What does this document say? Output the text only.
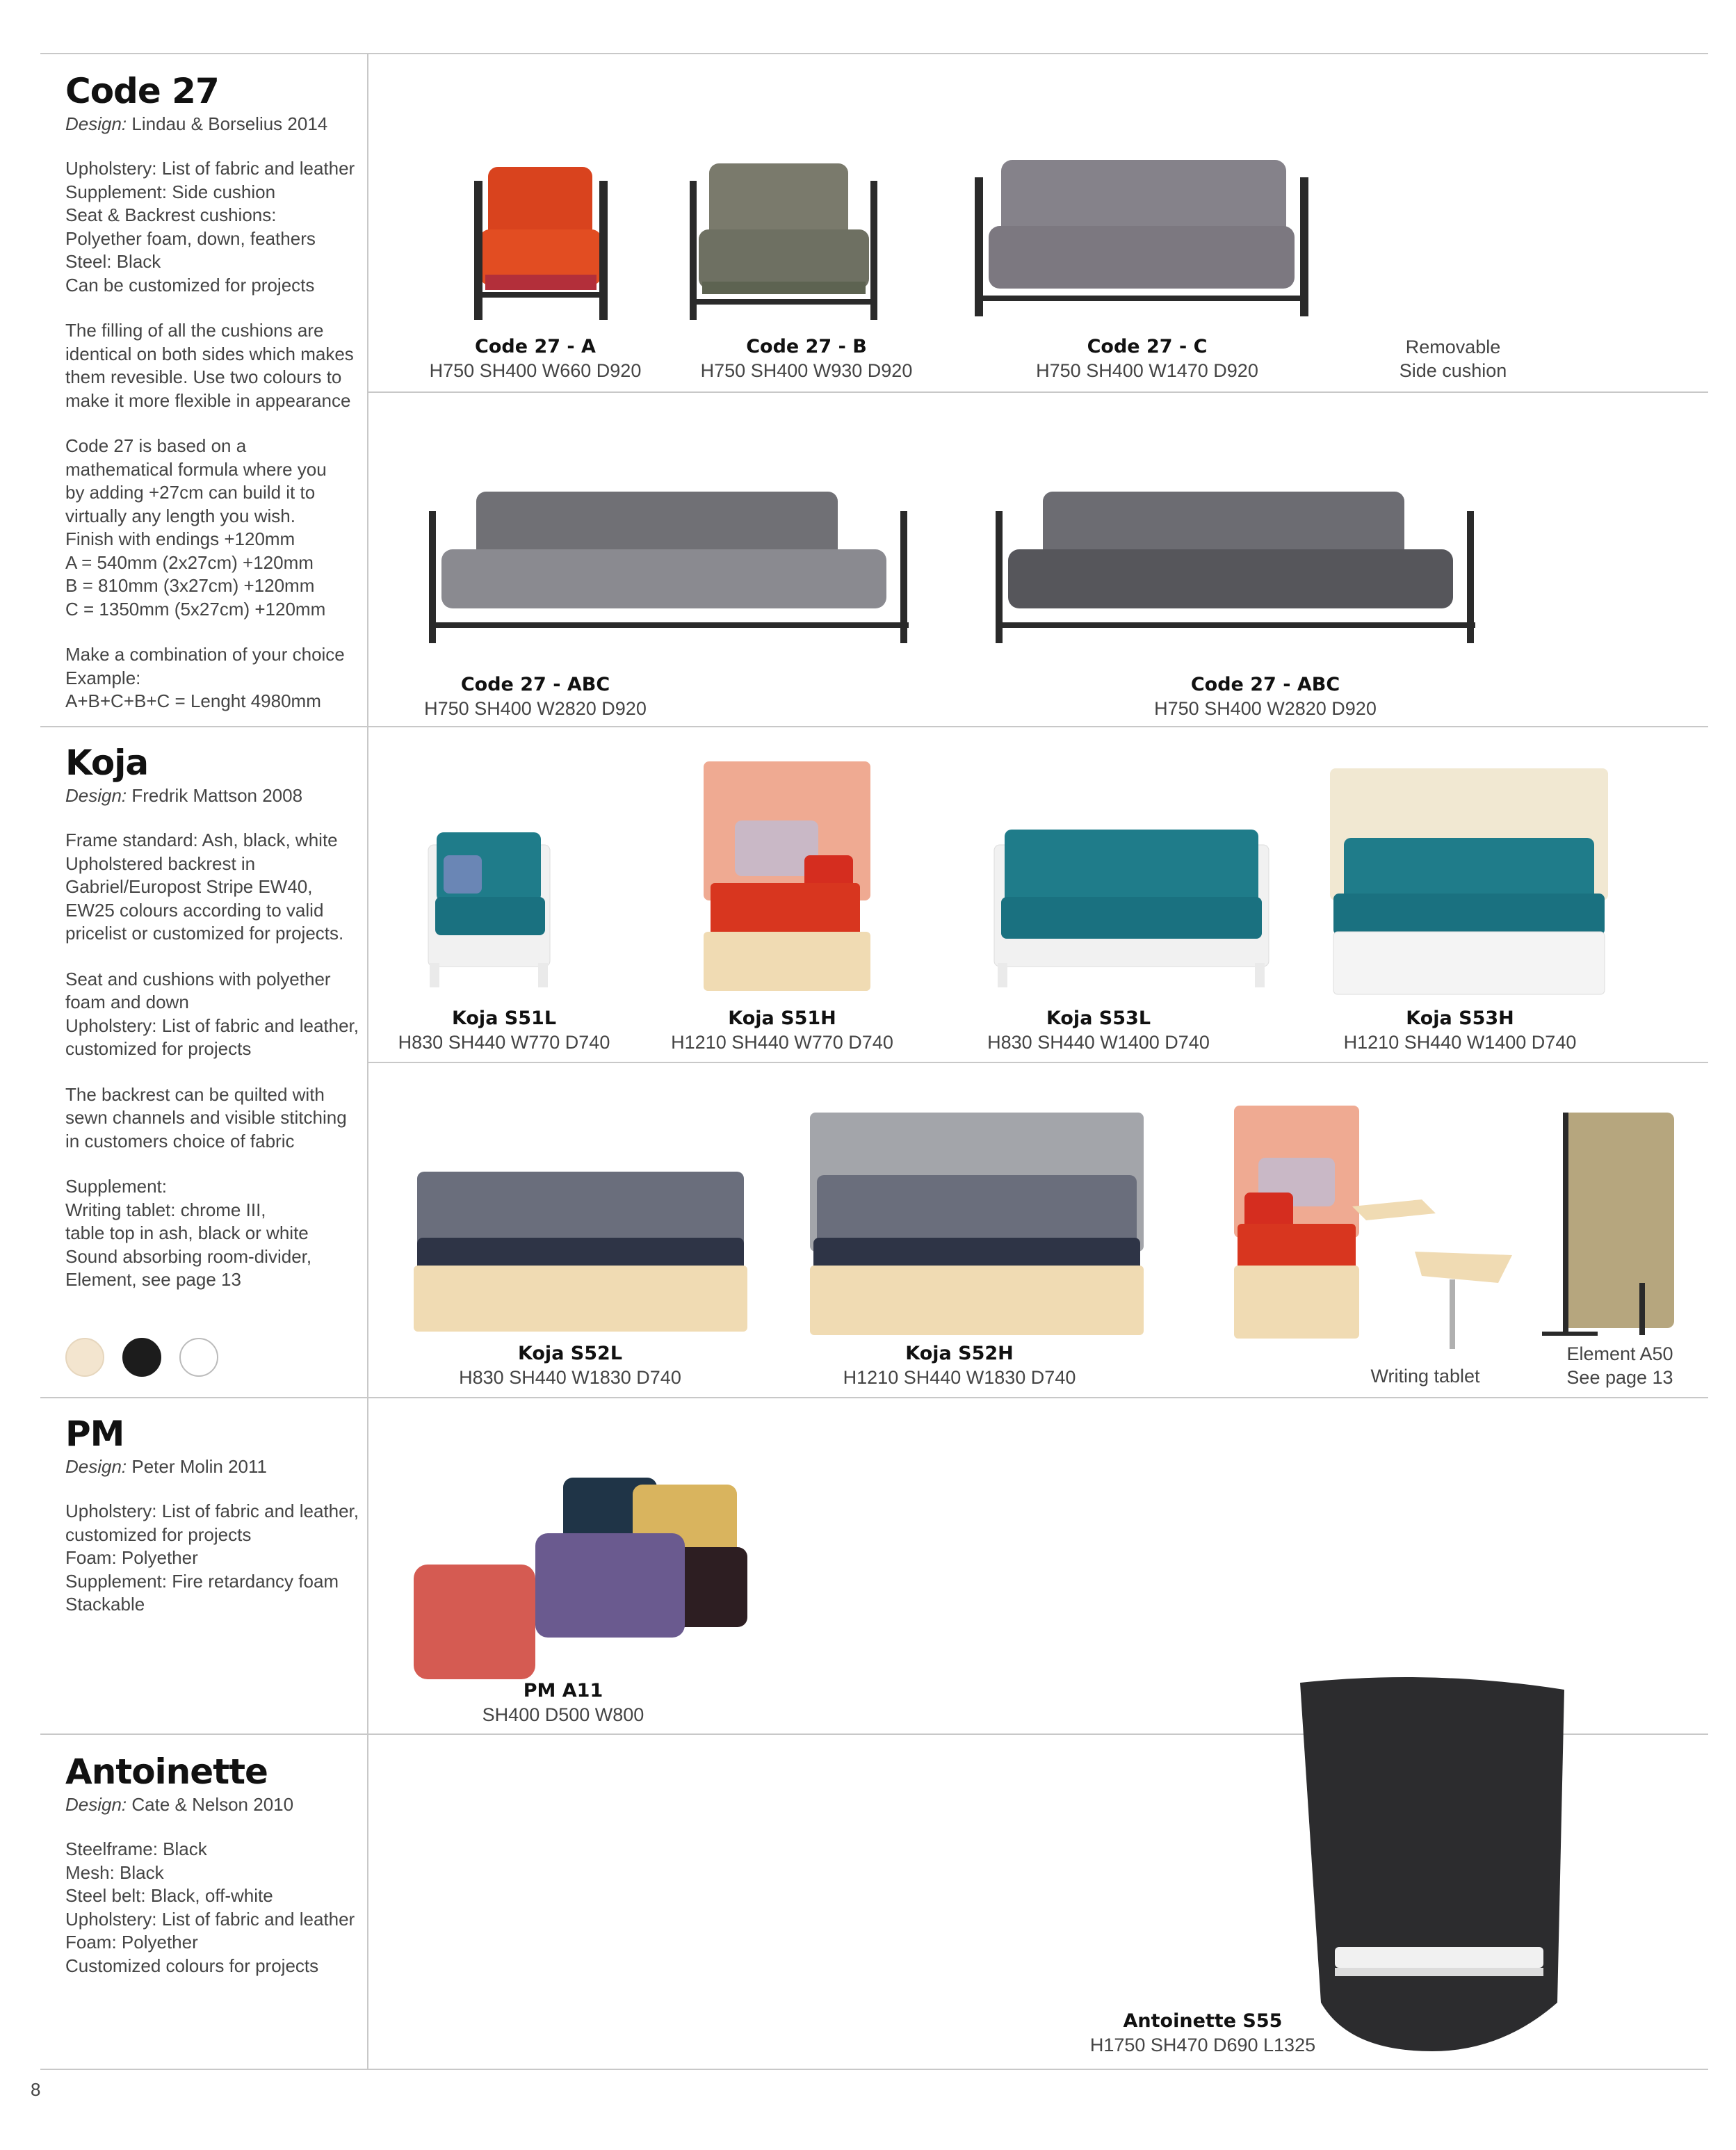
Code 27
Design: Lindau & Borselius 2014
Upholstery: List of fabric and leather
Supplement: Side cushion
Seat & Backrest cushions:
Polyether foam, down, feathers
Steel: Black
Can be customized for projects
The filling of all the cushions are
identical on both sides which makes
them revesible. Use two colours to
make it more flexible in appearance
Code 27 is based on a
mathematical formula where you
by adding +27cm can build it to
virtually any length you wish.
Finish with endings +120mm
A = 540mm (2x27cm) +120mm
B = 810mm (3x27cm) +120mm
C = 1350mm (5x27cm) +120mm
Make a combination of your choice
Example:
A+B+C+B+C = Lenght 4980mm
Code 27 - A
H750 SH400 W660 D920
Code 27 - B
H750 SH400 W930 D920
Code 27 - C
H750 SH400 W1470 D920
Removable
Side cushion
Code 27 - ABC
H750 SH400 W2820 D920
Code 27 - ABC
H750 SH400 W2820 D920
Koja
Design: Fredrik Mattson 2008
Frame standard: Ash, black, white
Upholstered backrest in
Gabriel/Europost Stripe EW40,
EW25 colours according to valid
pricelist or customized for projects.
Seat and cushions with polyether
foam and down
Upholstery: List of fabric and leather,
customized for projects
The backrest can be quilted with
sewn channels and visible stitching
in customers choice of fabric
Supplement:
Writing tablet: chrome III,
table top in ash, black or white
Sound absorbing room-divider,
Element, see page 13
Koja S51L
H830 SH440 W770 D740
Koja S51H
H1210 SH440 W770 D740
Koja S53L
H830 SH440 W1400 D740
Koja S53H
H1210 SH440 W1400 D740
Koja S52L
H830 SH440 W1830 D740
Koja S52H
H1210 SH440 W1830 D740	Writing tablet
Element A50
See page 13
PM
Design: Peter Molin 2011
Upholstery: List of fabric and leather,
customized for projects
Foam: Polyether
Supplement: Fire retardancy foam
Stackable
PM A11
SH400 D500 W800
Antoinette
Design: Cate & Nelson 2010
Steelframe: Black
Mesh: Black
Steel belt: Black, off-white
Upholstery: List of fabric and leather
Foam: Polyether
Customized colours for projects
Antoinette S55
H1750 SH470 D690 L1325
8
